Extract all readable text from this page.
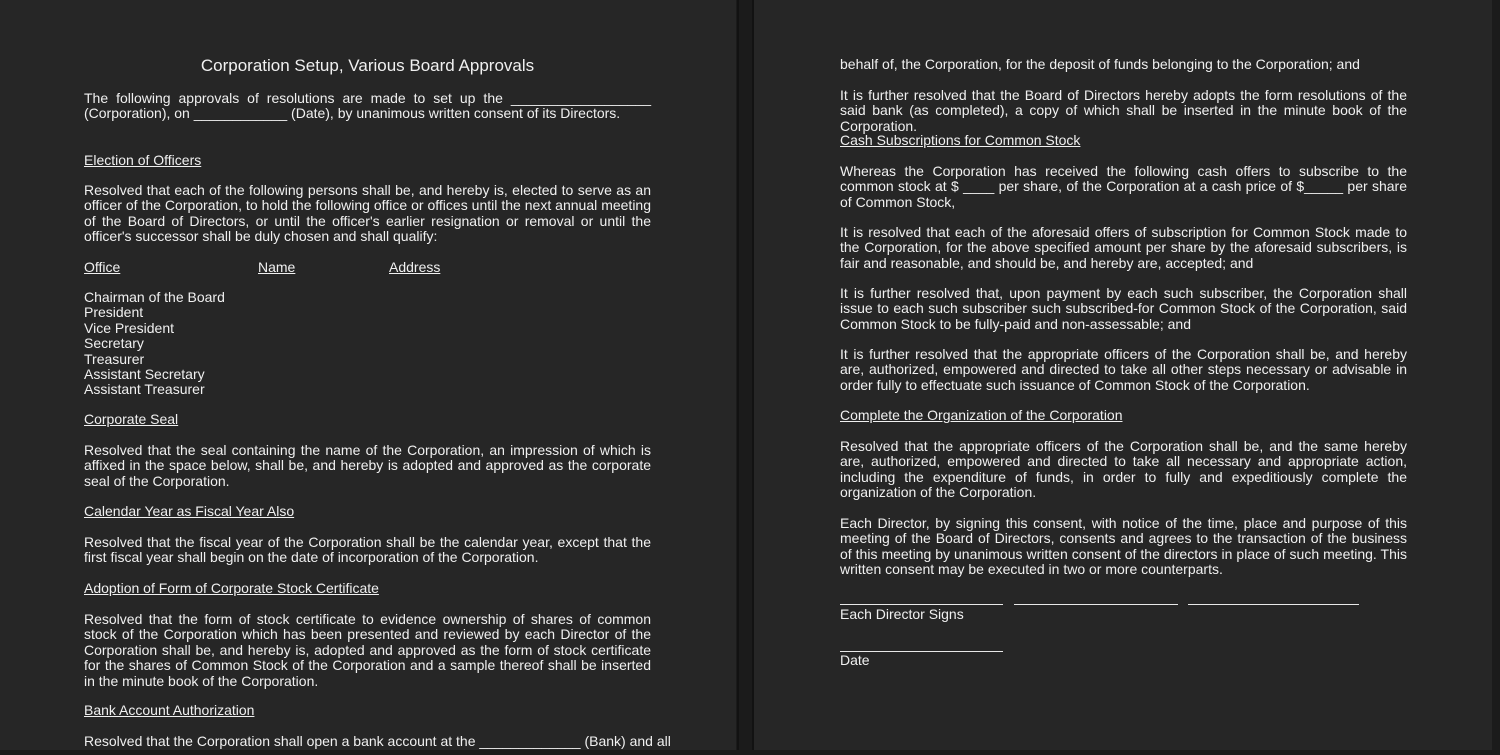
Corporation Setup, Various Board Approvals

The following approvals of resolutions are made to set up the __________________ (Corporation), on ____________ (Date), by unanimous written consent of its Directors.

Election of Officers

Resolved that each of the following persons shall be, and hereby is, elected to serve as an officer of the Corporation, to hold the following office or offices until the next annual meeting of the Board of Directors, or until the officer's earlier resignation or removal or until the officer's successor shall be duly chosen and shall qualify:

Office	Name	Address

Chairman of the Board
President
Vice President
Secretary
Treasurer
Assistant Secretary
Assistant Treasurer

Corporate Seal

Resolved that the seal containing the name of the Corporation, an impression of which is affixed in the space below, shall be, and hereby is adopted and approved as the corporate seal of the Corporation.

Calendar Year as Fiscal Year Also

Resolved that the fiscal year of the Corporation shall be the calendar year, except that the first fiscal year shall begin on the date of incorporation of the Corporation.

Adoption of Form of Corporate Stock Certificate

Resolved that the form of stock certificate to evidence ownership of shares of common stock of the Corporation which has been presented and reviewed by each Director of the Corporation shall be, and hereby is, adopted and approved as the form of stock certificate for the shares of Common Stock of the Corporation and a sample thereof shall be inserted in the minute book of the Corporation.

Bank Account Authorization

Resolved that the Corporation shall open a bank account at the _____________ (Bank) and all

behalf of, the Corporation, for the deposit of funds belonging to the Corporation; and

It is further resolved that the Board of Directors hereby adopts the form resolutions of the said bank (as completed), a copy of which shall be inserted in the minute book of the Corporation.

Cash Subscriptions for Common Stock

Whereas the Corporation has received the following cash offers to subscribe to the common stock at $ ____ per share, of the Corporation at a cash price of $_____ per share of Common Stock,

It is resolved that each of the aforesaid offers of subscription for Common Stock made to the Corporation, for the above specified amount per share by the aforesaid subscribers, is fair and reasonable, and should be, and hereby are, accepted; and

It is further resolved that, upon payment by each such subscriber, the Corporation shall issue to each such subscriber such subscribed-for Common Stock of the Corporation, said Common Stock to be fully-paid and non-assessable; and

It is further resolved that the appropriate officers of the Corporation shall be, and hereby are, authorized, empowered and directed to take all other steps necessary or advisable in order fully to effectuate such issuance of Common Stock of the Corporation.

Complete the Organization of the Corporation

Resolved that the appropriate officers of the Corporation shall be, and the same hereby are, authorized, empowered and directed to take all necessary and appropriate action, including the expenditure of funds, in order to fully and expeditiously complete the organization of the Corporation.

Each Director, by signing this consent, with notice of the time, place and purpose of this meeting of the Board of Directors, consents and agrees to the transaction of the business of this meeting by unanimous written consent of the directors in place of such meeting. This written consent may be executed in two or more counterparts.

Each Director Signs

Date
